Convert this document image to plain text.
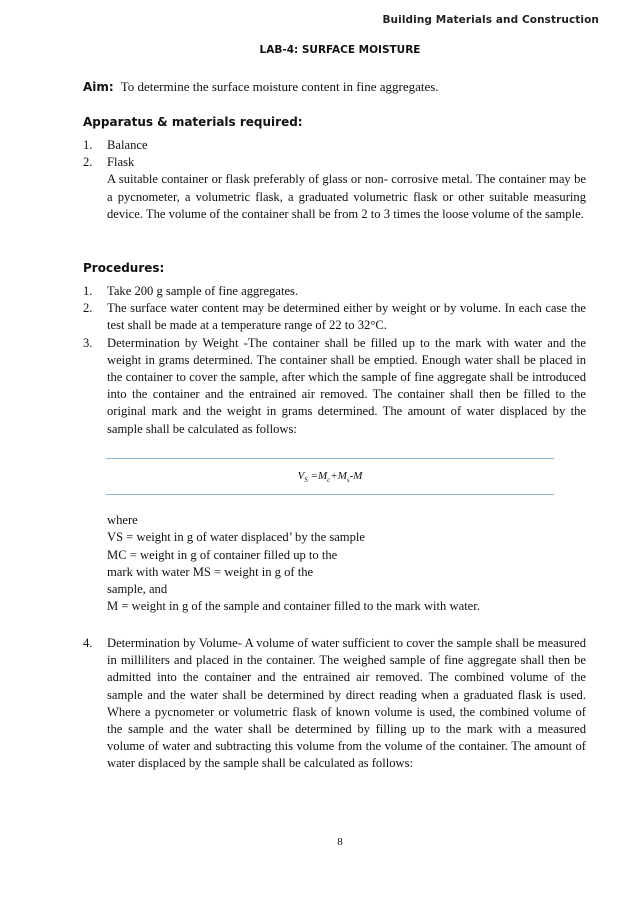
Building Materials and Construction
LAB-4: SURFACE MOISTURE
Aim: To determine the surface moisture content in fine aggregates.
Apparatus & materials required:
1. Balance
2. Flask
A suitable container or flask preferably of glass or non- corrosive metal. The container may be a pycnometer, a volumetric flask, a graduated volumetric flask or other suitable measuring device. The volume of the container shall be from 2 to 3 times the loose volume of the sample.
Procedures:
1. Take 200 g sample of fine aggregates.
2. The surface water content may be determined either by weight or by volume. In each case the test shall be made at a temperature range of 22 to 32°C.
3. Determination by Weight -The container shall be filled up to the mark with water and the weight in grams determined. The container shall be emptied. Enough water shall be placed in the container to cover the sample, after which the sample of fine aggregate shall be introduced into the container and the entrained air removed. The container shall then be filled to the original mark and the weight in grams determined. The amount of water displaced by the sample shall be calculated as follows:
$V_S =M_c+M_s-M$
where
VS = weight in g of water displaced’ by the sample
MC = weight in g of container filled up to the
mark with water MS = weight in g of the
sample, and
M = weight in g of the sample and container filled to the mark with water.
4. Determination by Volume- A volume of water sufficient to cover the sample shall be measured in milliliters and placed in the container. The weighed sample of fine aggregate shall then be admitted into the container and the entrained air removed. The combined volume of the sample and the water shall be determined by direct reading when a graduated flask is used. Where a pycnometer or volumetric flask of known volume is used, the combined volume of the sample and the water shall be determined by filling up to the mark with a measured volume of water and subtracting this volume from the volume of the container. The amount of water displaced by the sample shall be calculated as follows:
8
